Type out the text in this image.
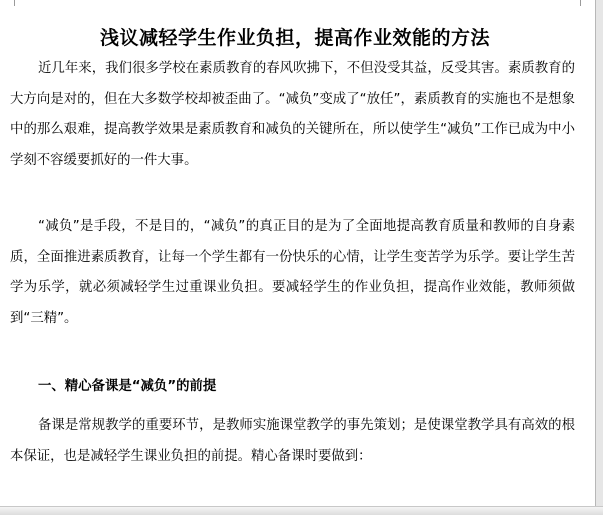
浅议减轻学生作业负担，提高作业效能的方法

近几年来，我们很多学校在素质教育的春风吹拂下，不但没受其益，反受其害。素质教育的大方向是对的，但在大多数学校却被歪曲了。“减负”变成了“放任”，素质教育的实施也不是想象中的那么艰难，提高教学效果是素质教育和减负的关键所在，所以使学生“减负”工作已成为中小学刻不容缓要抓好的一件大事。

“减负”是手段，不是目的，“减负”的真正目的是为了全面地提高教育质量和教师的自身素质，全面推进素质教育，让每一个学生都有一份快乐的心情，让学生变苦学为乐学。要让学生苦学为乐学，就必须减轻学生过重课业负担。要减轻学生的作业负担，提高作业效能，教师须做到“三精”。

一、精心备课是“减负”的前提

备课是常规教学的重要环节，是教师实施课堂教学的事先策划；是使课堂教学具有高效的根本保证，也是减轻学生课业负担的前提。精心备课时要做到：
